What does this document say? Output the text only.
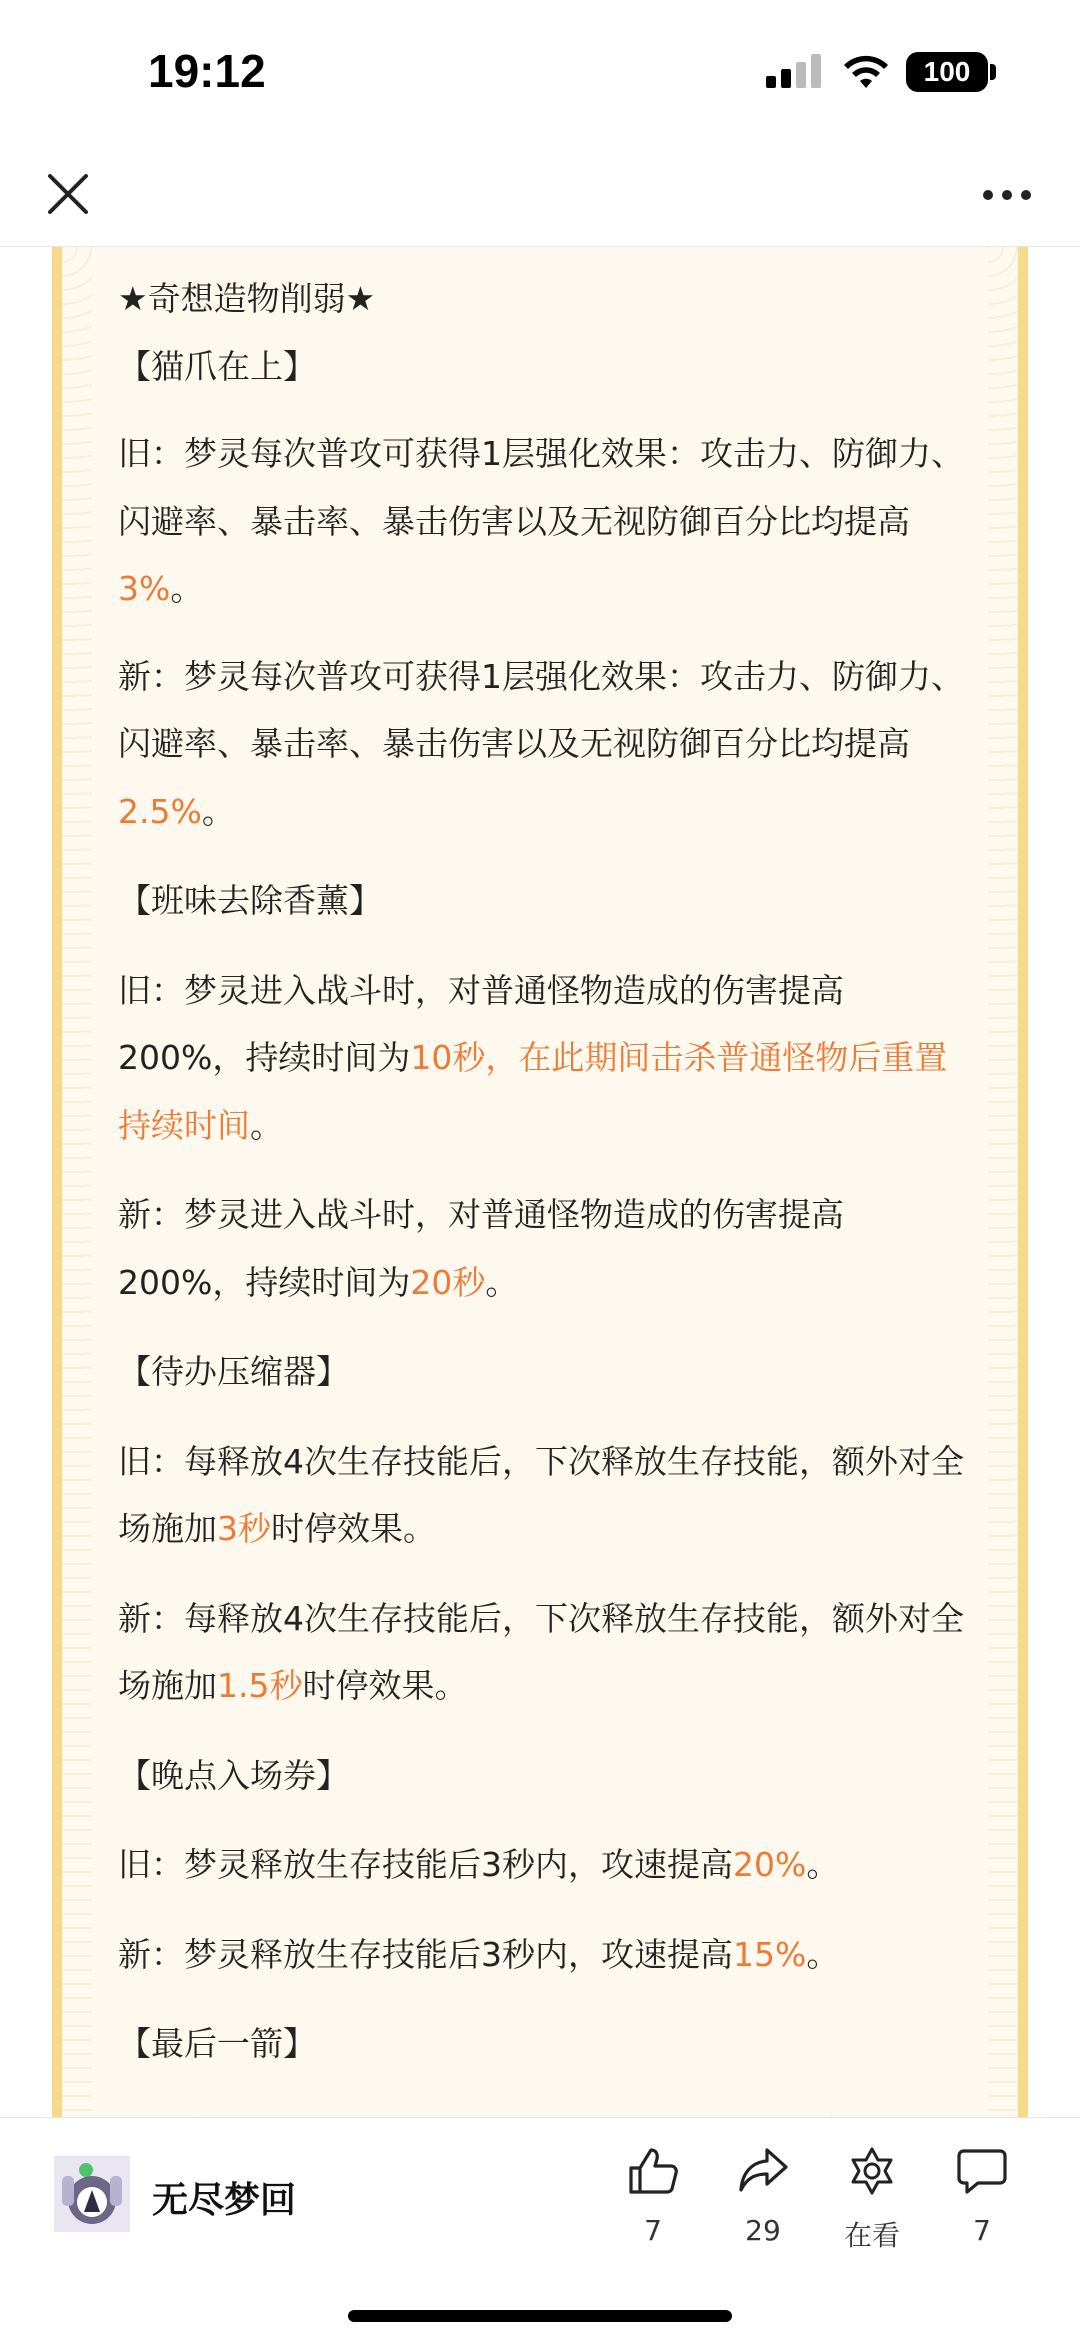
19:12	100

★奇想造物削弱★

【猫爪在上】

旧：梦灵每次普攻可获得1层强化效果：攻击力、防御力、闪避率、暴击率、暴击伤害以及无视防御百分比均提高3%。

新：梦灵每次普攻可获得1层强化效果：攻击力、防御力、闪避率、暴击率、暴击伤害以及无视防御百分比均提高2.5%。

【班味去除香薰】

旧：梦灵进入战斗时，对普通怪物造成的伤害提高200%，持续时间为10秒，在此期间击杀普通怪物后重置持续时间。

新：梦灵进入战斗时，对普通怪物造成的伤害提高200%，持续时间为20秒。

【待办压缩器】

旧：每释放4次生存技能后，下次释放生存技能，额外对全场施加3秒时停效果。

新：每释放4次生存技能后，下次释放生存技能，额外对全场施加1.5秒时停效果。

【晚点入场券】

旧：梦灵释放生存技能后3秒内，攻速提高20%。

新：梦灵释放生存技能后3秒内，攻速提高15%。

【最后一箭】

无尽梦回
7	29	在看	7
